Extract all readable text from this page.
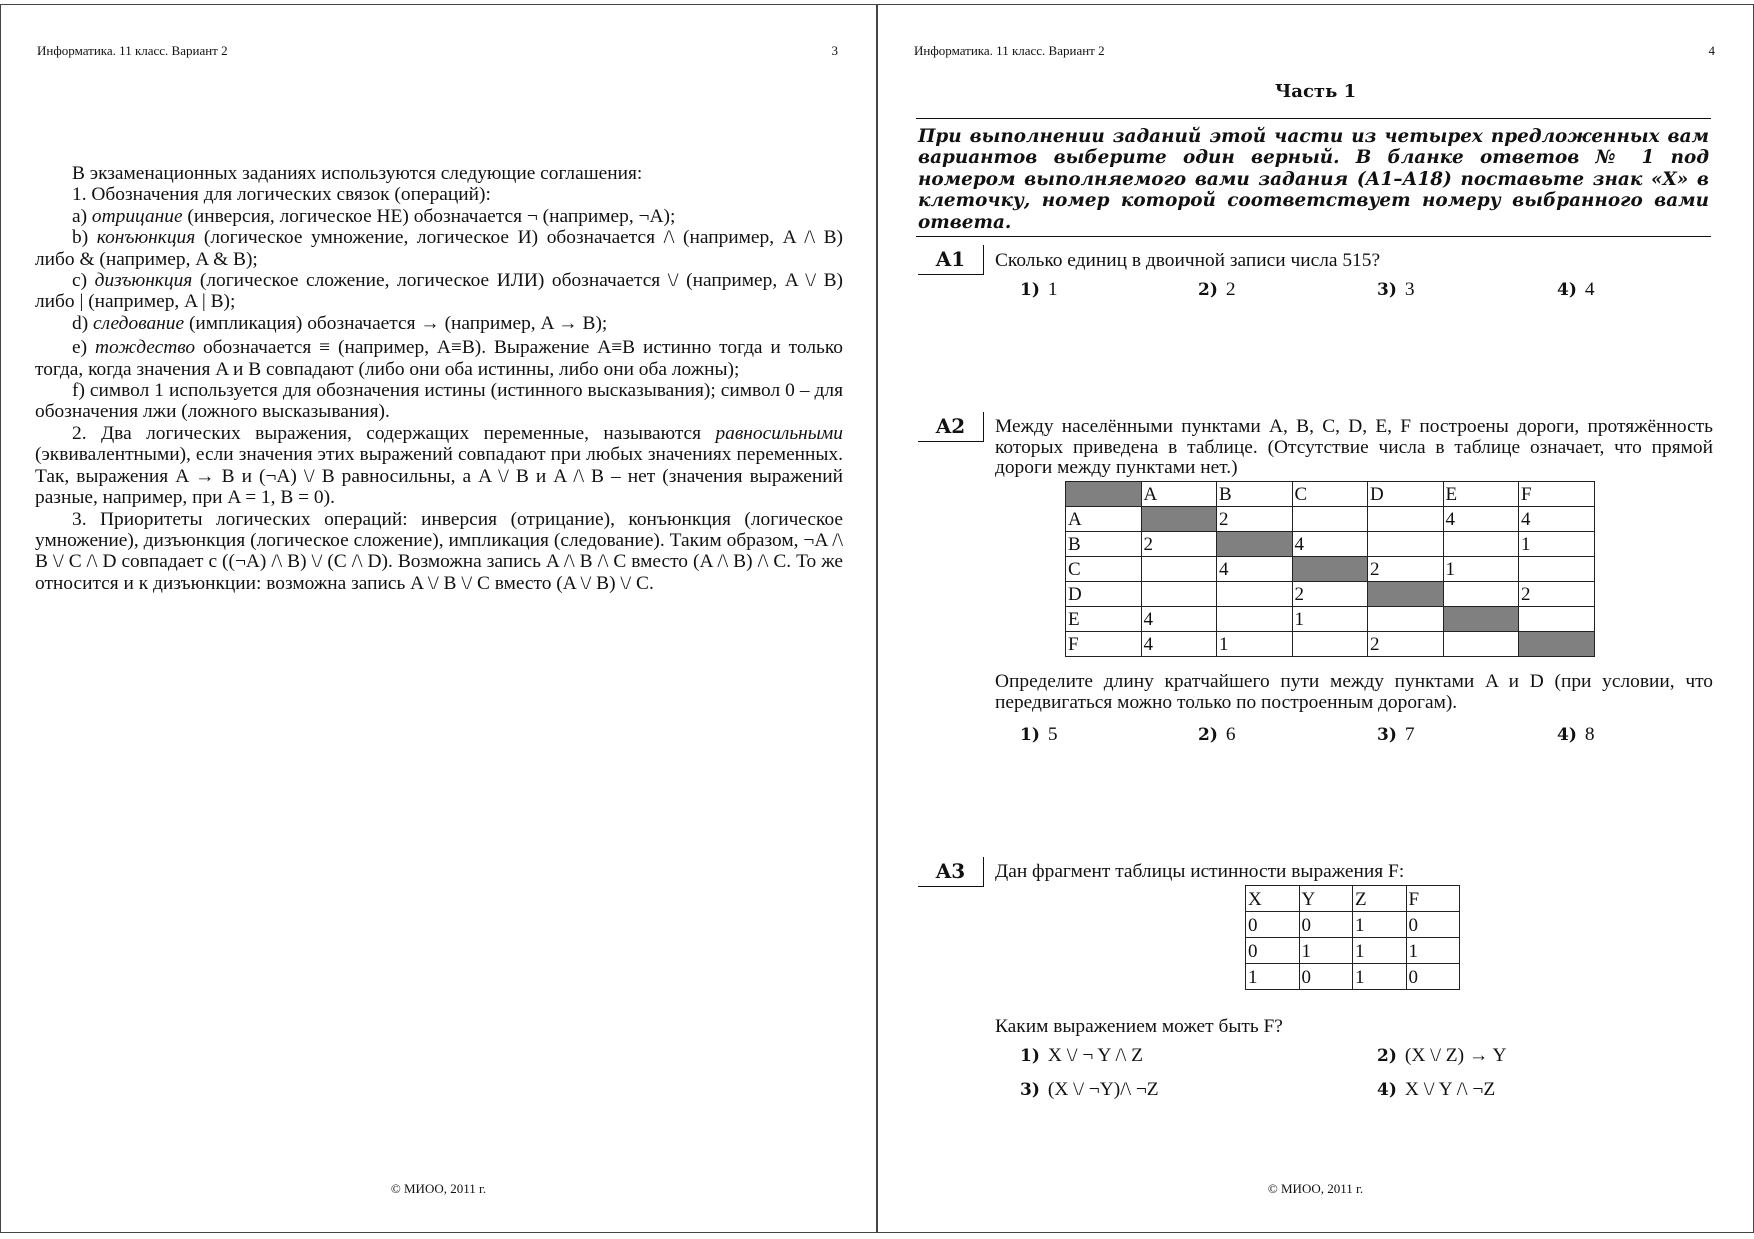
Информатика. 11 класс. Вариант 2	3

В экзаменационных заданиях используются следующие соглашения:

1. Обозначения для логических связок (операций):

a) отрицание (инверсия, логическое НЕ) обозначается ¬ (например, ¬A);

b) конъюнкция (логическое умножение, логическое И) обозначается /\ (например, A /\ B) либо & (например, A & B);

c) дизъюнкция (логическое сложение, логическое ИЛИ) обозначается \/ (например, A \/ B) либо | (например, A | B);

d) следование (импликация) обозначается → (например, A → B);

e) тождество обозначается ≡ (например, A≡B). Выражение A≡B истинно тогда и только тогда, когда значения A и B совпадают (либо они оба истинны, либо они оба ложны);

f) символ 1 используется для обозначения истины (истинного высказывания); символ 0 – для обозначения лжи (ложного высказывания).

2. Два логических выражения, содержащих переменные, называются равносильными (эквивалентными), если значения этих выражений совпадают при любых значениях переменных. Так, выражения A → B и (¬A) \/ B равносильны, а A \/ B и A /\ B – нет (значения выражений разные, например, при A = 1, B = 0).

3. Приоритеты логических операций: инверсия (отрицание), конъюнкция (логическое умножение), дизъюнкция (логическое сложение), импликация (следование). Таким образом, ¬A /\ B \/ C /\ D совпадает с ((¬A) /\ B) \/ (C /\ D). Возможна запись A /\ B /\ C вместо (A /\ B) /\ C. То же относится и к дизъюнкции: возможна запись A \/ B \/ C вместо (A \/ B) \/ C.

© МИОО, 2011 г.
Информатика. 11 класс. Вариант 2	4
Часть 1
При выполнении заданий этой части из четырех предложенных вам вариантов выберите один верный. В бланке ответов № 1 под номером выполняемого вами задания (А1–А18) поставьте знак «Х» в клеточку, номер которой соответствует номеру выбранного вами ответа.
A1	Сколько единиц в двоичной записи числа 515?
1) 1	2) 2	3) 3	4) 4
A2	Между населёнными пунктами A, B, C, D, E, F построены дороги, протяжённость которых приведена в таблице. (Отсутствие числа в таблице означает, что прямой дороги между пунктами нет.)
	A	B	C	D	E	F
A		2			4	4
B	2		4			1
C		4		2	1	
D			2			2
E	4		1			
F	4	1		2		
Определите длину кратчайшего пути между пунктами A и D (при условии, что передвигаться можно только по построенным дорогам).
1) 5	2) 6	3) 7	4) 8
A3	Дан фрагмент таблицы истинности выражения F:
X	Y	Z	F
0	0	1	0
0	1	1	1
1	0	1	0
Каким выражением может быть F?
1) X \/ ¬ Y /\ Z	2) (X \/ Z) → Y
3) (X \/ ¬Y)/\ ¬Z	4) X \/ Y /\ ¬Z
© МИОО, 2011 г.
